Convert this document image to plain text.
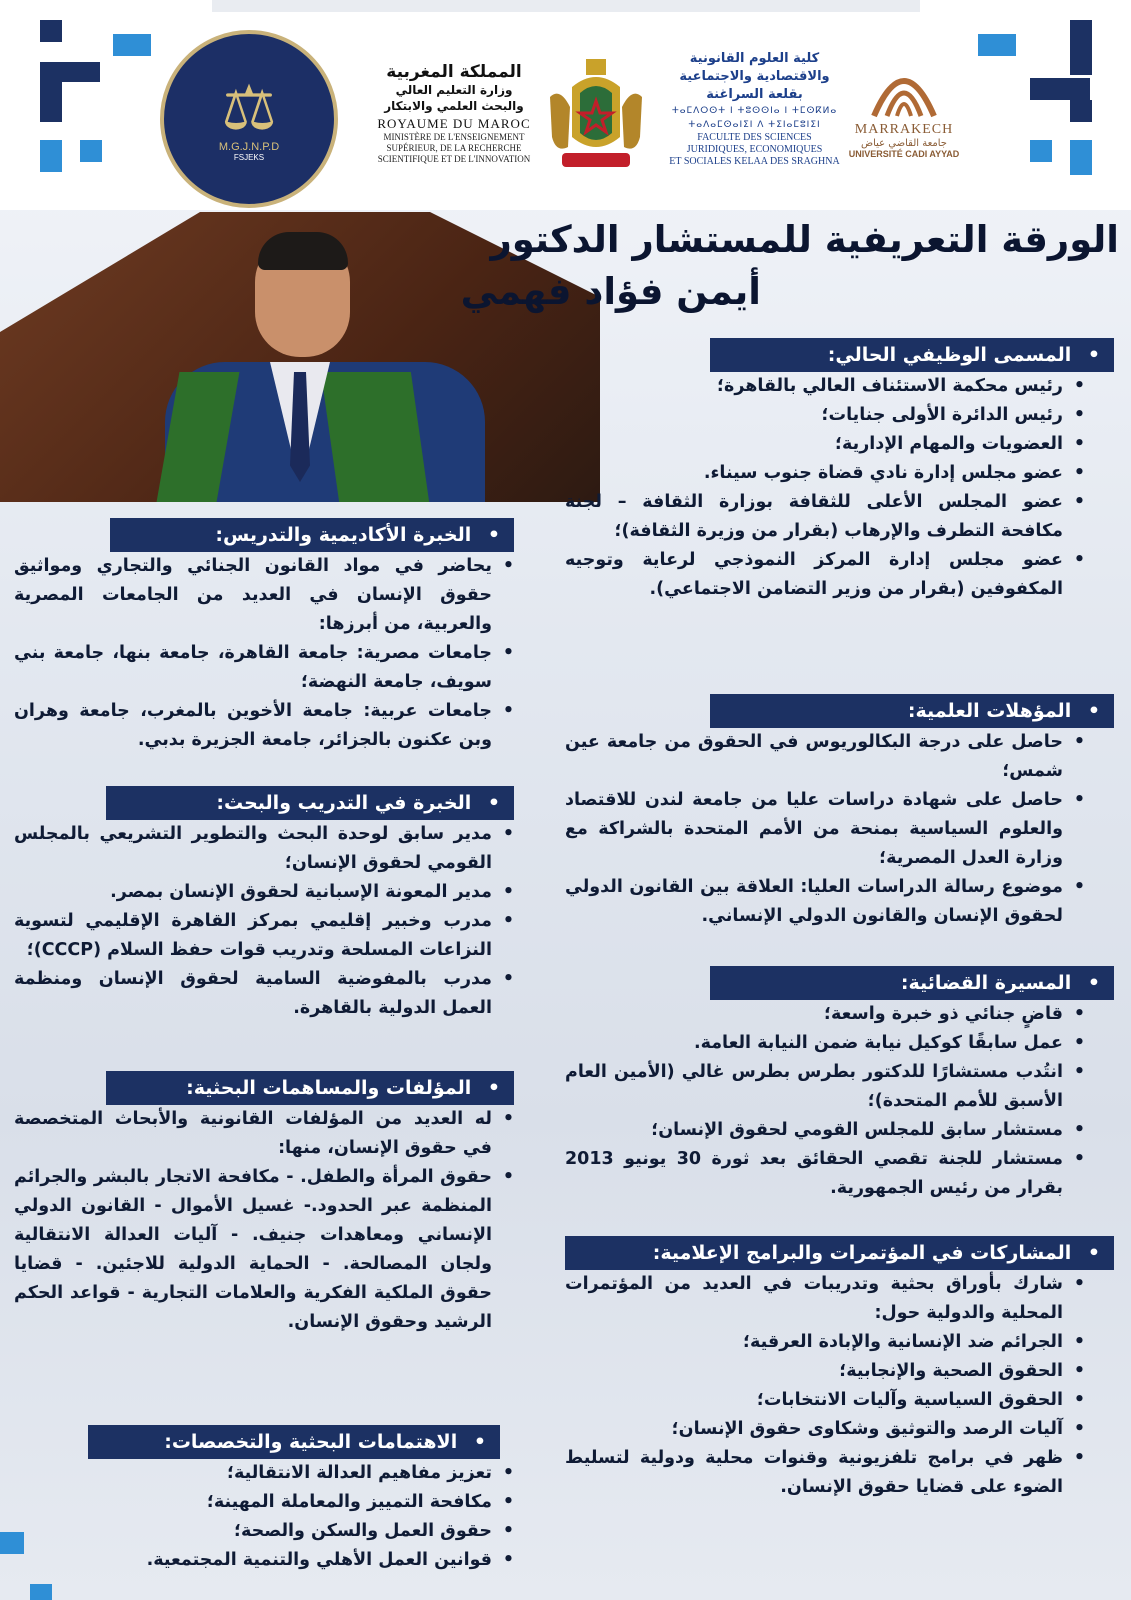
⚖
M.G.J.N.P.D
FSJEKS
المملكة المغربية
وزارة التعليم العالي
والبحث العلمي والابتكار
ROYAUME DU MAROC
MINISTÈRE DE L'ENSEIGNEMENT
SUPÉRIEUR, DE LA RECHERCHE
SCIENTIFIQUE ET DE L'INNOVATION
كلية العلوم القانونية
والاقتصادية والاجتماعية
بقلعة السراغنة
ⵜⴰⵎⴷⵔⵙⵜ ⵏ ⵜⵓⵙⵙⵏⴰ ⵏ ⵜⵎⵙⴽⵍⴰ
ⵜⴰⴷⴰⵎⵙⴰⵏⵉⵏ ⴷ ⵜⵉⵏⴰⵎⵓⵏⵉⵏ
FACULTE DES SCIENCES
JURIDIQUES, ECONOMIQUES
ET SOCIALES KELAA DES SRAGHNA
MARRAKECH
جامعة القاضي عياض
UNIVERSITÉ CADI AYYAD
الورقة التعريفية للمستشار الدكتور
أيمن فؤاد فهمي
• المسمى الوظيفي الحالي:
• رئيس محكمة الاستئناف العالي بالقاهرة؛
• رئيس الدائرة الأولى جنايات؛
• العضويات والمهام الإدارية؛
• عضو مجلس إدارة نادي قضاة جنوب سيناء.
• عضو المجلس الأعلى للثقافة بوزارة الثقافة – لجنة مكافحة التطرف والإرهاب (بقرار من وزيرة الثقافة)؛
• عضو مجلس إدارة المركز النموذجي لرعاية وتوجيه المكفوفين (بقرار من وزير التضامن الاجتماعي).
• المؤهلات العلمية:
• حاصل على درجة البكالوريوس في الحقوق من جامعة عين شمس؛
• حاصل على شهادة دراسات عليا من جامعة لندن للاقتصاد والعلوم السياسية بمنحة من الأمم المتحدة بالشراكة مع وزارة العدل المصرية؛
• موضوع رسالة الدراسات العليا: العلاقة بين القانون الدولي لحقوق الإنسان والقانون الدولي الإنساني.
• المسيرة القضائية:
• قاضٍ جنائي ذو خبرة واسعة؛
• عمل سابقًا كوكيل نيابة ضمن النيابة العامة.
• انتُدب مستشارًا للدكتور بطرس بطرس غالي (الأمين العام الأسبق للأمم المتحدة)؛
• مستشار سابق للمجلس القومي لحقوق الإنسان؛
• مستشار للجنة تقصي الحقائق بعد ثورة 30 يونيو 2013 بقرار من رئيس الجمهورية.
• المشاركات في المؤتمرات والبرامج الإعلامية:
• شارك بأوراق بحثية وتدريبات في العديد من المؤتمرات المحلية والدولية حول:
• الجرائم ضد الإنسانية والإبادة العرقية؛
• الحقوق الصحية والإنجابية؛
• الحقوق السياسية وآليات الانتخابات؛
• آليات الرصد والتوثيق وشكاوى حقوق الإنسان؛
• ظهر في برامج تلفزيونية وقنوات محلية ودولية لتسليط الضوء على قضايا حقوق الإنسان.
• الخبرة الأكاديمية والتدريس:
• يحاضر في مواد القانون الجنائي والتجاري ومواثيق حقوق الإنسان في العديد من الجامعات المصرية والعربية، من أبرزها:
• جامعات مصرية: جامعة القاهرة، جامعة بنها، جامعة بني سويف، جامعة النهضة؛
• جامعات عربية: جامعة الأخوين بالمغرب، جامعة وهران وبن عكنون بالجزائر، جامعة الجزيرة بدبي.
• الخبرة في التدريب والبحث:
• مدير سابق لوحدة البحث والتطوير التشريعي بالمجلس القومي لحقوق الإنسان؛
• مدير المعونة الإسبانية لحقوق الإنسان بمصر.
• مدرب وخبير إقليمي بمركز القاهرة الإقليمي لتسوية النزاعات المسلحة وتدريب قوات حفظ السلام (CCCP)؛
• مدرب بالمفوضية السامية لحقوق الإنسان ومنظمة العمل الدولية بالقاهرة.
• المؤلفات والمساهمات البحثية:
• له العديد من المؤلفات القانونية والأبحاث المتخصصة في حقوق الإنسان، منها:
• حقوق المرأة والطفل. - مكافحة الاتجار بالبشر والجرائم المنظمة عبر الحدود.- غسيل الأموال - القانون الدولي الإنساني ومعاهدات جنيف. - آليات العدالة الانتقالية ولجان المصالحة. - الحماية الدولية للاجئين. - قضايا حقوق الملكية الفكرية والعلامات التجارية - قواعد الحكم الرشيد وحقوق الإنسان.
• الاهتمامات البحثية والتخصصات:
• تعزيز مفاهيم العدالة الانتقالية؛
• مكافحة التمييز والمعاملة المهينة؛
• حقوق العمل والسكن والصحة؛
• قوانين العمل الأهلي والتنمية المجتمعية.
